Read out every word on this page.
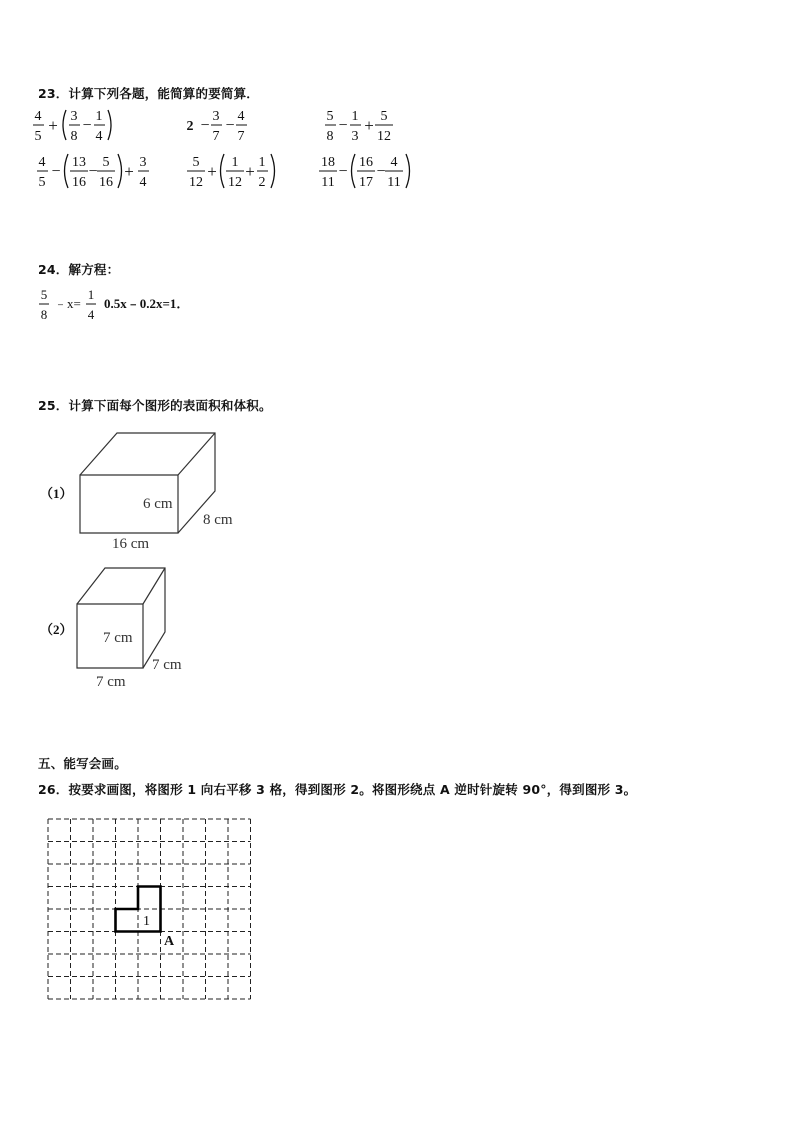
23．计算下列各题，能简算的要简算．
4
5
+ 3
8
−
1
4
2 −
3
7
−
4
7
5
8
−
1
3
+ 5
12
4
5
−
13
16
−
5
16
+ 3
4
5
12
+ 1
12
+ 1
2
18
11
−
16
17
−
4
11
24．解方程：
5
8
﹣x=
1
4
0.5x﹣0.2x=1．
25．计算下面每个图形的表面积和体积。
（1）
6 cm
8 cm
16 cm
（2）
7 cm
7 cm
7 cm
五、能写会画。
26．按要求画图，将图形 1 向右平移 3 格，得到图形 2。将图形绕点 A 逆时针旋转 90°，得到图形 3。
1
A
